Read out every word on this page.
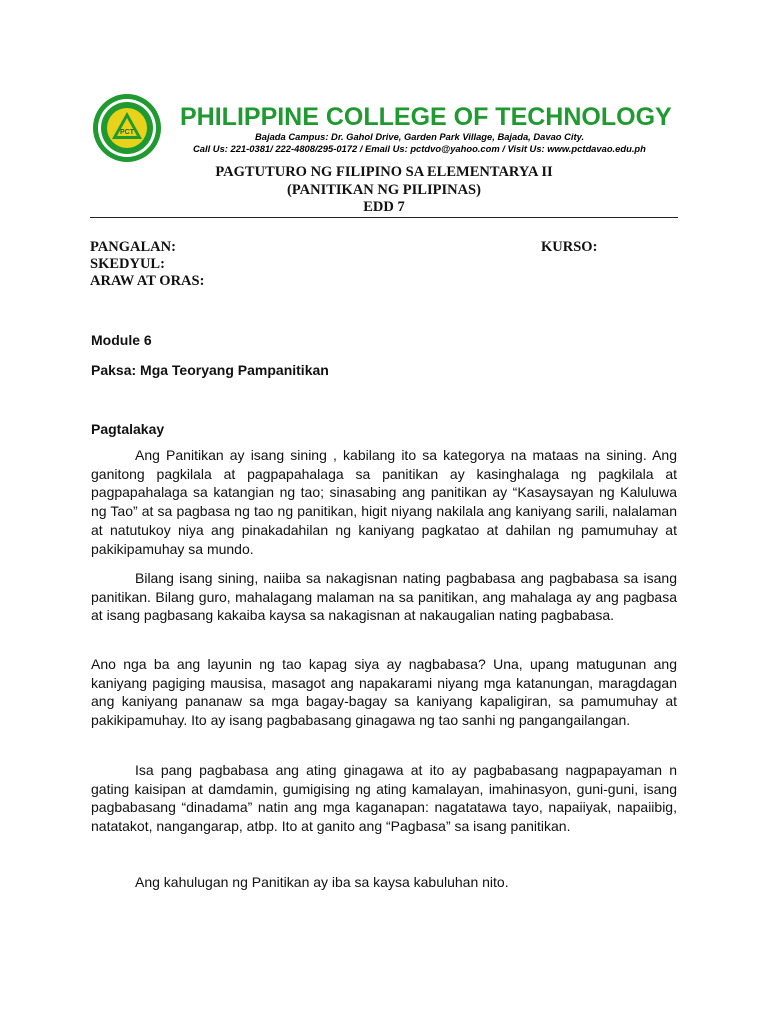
PCT
PHILIPPINE COLLEGE OF TECHNOLOGY
Bajada Campus: Dr. Gahol Drive, Garden Park Village, Bajada, Davao City.
Call Us: 221-0381/ 222-4808/295-0172 / Email Us: pctdvo@yahoo.com / Visit Us: www.pctdavao.edu.ph
PAGTUTURO NG FILIPINO SA ELEMENTARYA II
(PANITIKAN NG PILIPINAS)
EDD 7
PANGALAN:	KURSO:
SKEDYUL:
ARAW AT ORAS:
Module 6
Paksa: Mga Teoryang Pampanitikan
Pagtalakay

Ang Panitikan ay isang sining , kabilang ito sa kategorya na mataas na sining. Ang ganitong pagkilala at pagpapahalaga sa panitikan ay kasinghalaga ng pagkilala at pagpapahalaga sa katangian ng tao; sinasabing ang panitikan ay “Kasaysayan ng Kaluluwa ng Tao” at sa pagbasa ng tao ng panitikan, higit niyang nakilala ang kaniyang sarili, nalalaman at natutukoy niya ang pinakadahilan ng kaniyang pagkatao at dahilan ng pamumuhay at pakikipamuhay sa mundo.

Bilang isang sining, naiiba sa nakagisnan nating pagbabasa ang pagbabasa sa isang panitikan. Bilang guro, mahalagang malaman na sa panitikan, ang mahalaga ay ang pagbasa at isang pagbasang kakaiba kaysa sa nakagisnan at nakaugalian nating pagbabasa.

Ano nga ba ang layunin ng tao kapag siya ay nagbabasa? Una, upang matugunan ang kaniyang pagiging mausisa, masagot ang napakarami niyang mga katanungan, maragdagan ang kaniyang pananaw sa mga bagay-bagay sa kaniyang kapaligiran, sa pamumuhay at pakikipamuhay. Ito ay isang pagbabasang ginagawa ng tao sanhi ng pangangailangan.

Isa pang pagbabasa ang ating ginagawa at ito ay pagbabasang nagpapayaman n gating kaisipan at damdamin, gumigising ng ating kamalayan, imahinasyon, guni-guni, isang pagbabasang “dinadama” natin ang mga kaganapan: nagatatawa tayo, napaiiyak, napaiibig, natatakot, nangangarap, atbp. Ito at ganito ang “Pagbasa” sa isang panitikan.

Ang kahulugan ng Panitikan ay iba sa kaysa kabuluhan nito.
